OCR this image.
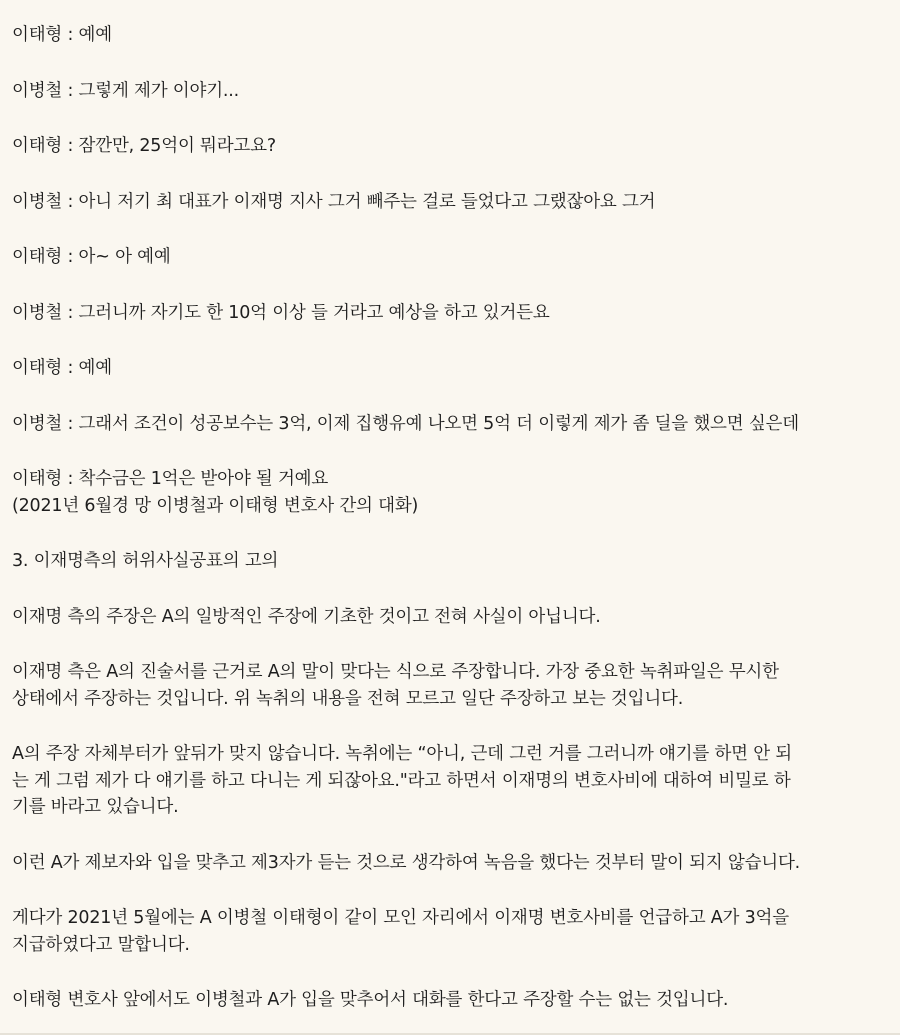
이태형 : 예예

이병철 : 그렇게 제가 이야기...

이태형 : 잠깐만, 25억이 뭐라고요?

이병철 : 아니 저기 최 대표가 이재명 지사 그거 빼주는 걸로 들었다고 그랬잖아요 그거

이태형 : 아~ 아 예예

이병철 : 그러니까 자기도 한 10억 이상 들 거라고 예상을 하고 있거든요

이태형 : 예예

이병철 : 그래서 조건이 성공보수는 3억, 이제 집행유예 나오면 5억 더 이렇게 제가 좀 딜을 했으면 싶은데

이태형 : 착수금은 1억은 받아야 될 거예요
(2021년 6월경 망 이병철과 이태형 변호사 간의 대화)

3. 이재명측의 허위사실공표의 고의

이재명 측의 주장은 A의 일방적인 주장에 기초한 것이고 전혀 사실이 아닙니다.

이재명 측은 A의 진술서를 근거로 A의 말이 맞다는 식으로 주장합니다. 가장 중요한 녹취파일은 무시한
상태에서 주장하는 것입니다. 위 녹취의 내용을 전혀 모르고 일단 주장하고 보는 것입니다.

A의 주장 자체부터가 앞뒤가 맞지 않습니다. 녹취에는 “아니, 근데 그런 거를 그러니까 얘기를 하면 안 되
는 게 그럼 제가 다 얘기를 하고 다니는 게 되잖아요."라고 하면서 이재명의 변호사비에 대하여 비밀로 하
기를 바라고 있습니다.

이런 A가 제보자와 입을 맞추고 제3자가 듣는 것으로 생각하여 녹음을 했다는 것부터 말이 되지 않습니다.

게다가 2021년 5월에는 A 이병철 이태형이 같이 모인 자리에서 이재명 변호사비를 언급하고 A가 3억을
지급하였다고 말합니다.

이태형 변호사 앞에서도 이병철과 A가 입을 맞추어서 대화를 한다고 주장할 수는 없는 것입니다.
